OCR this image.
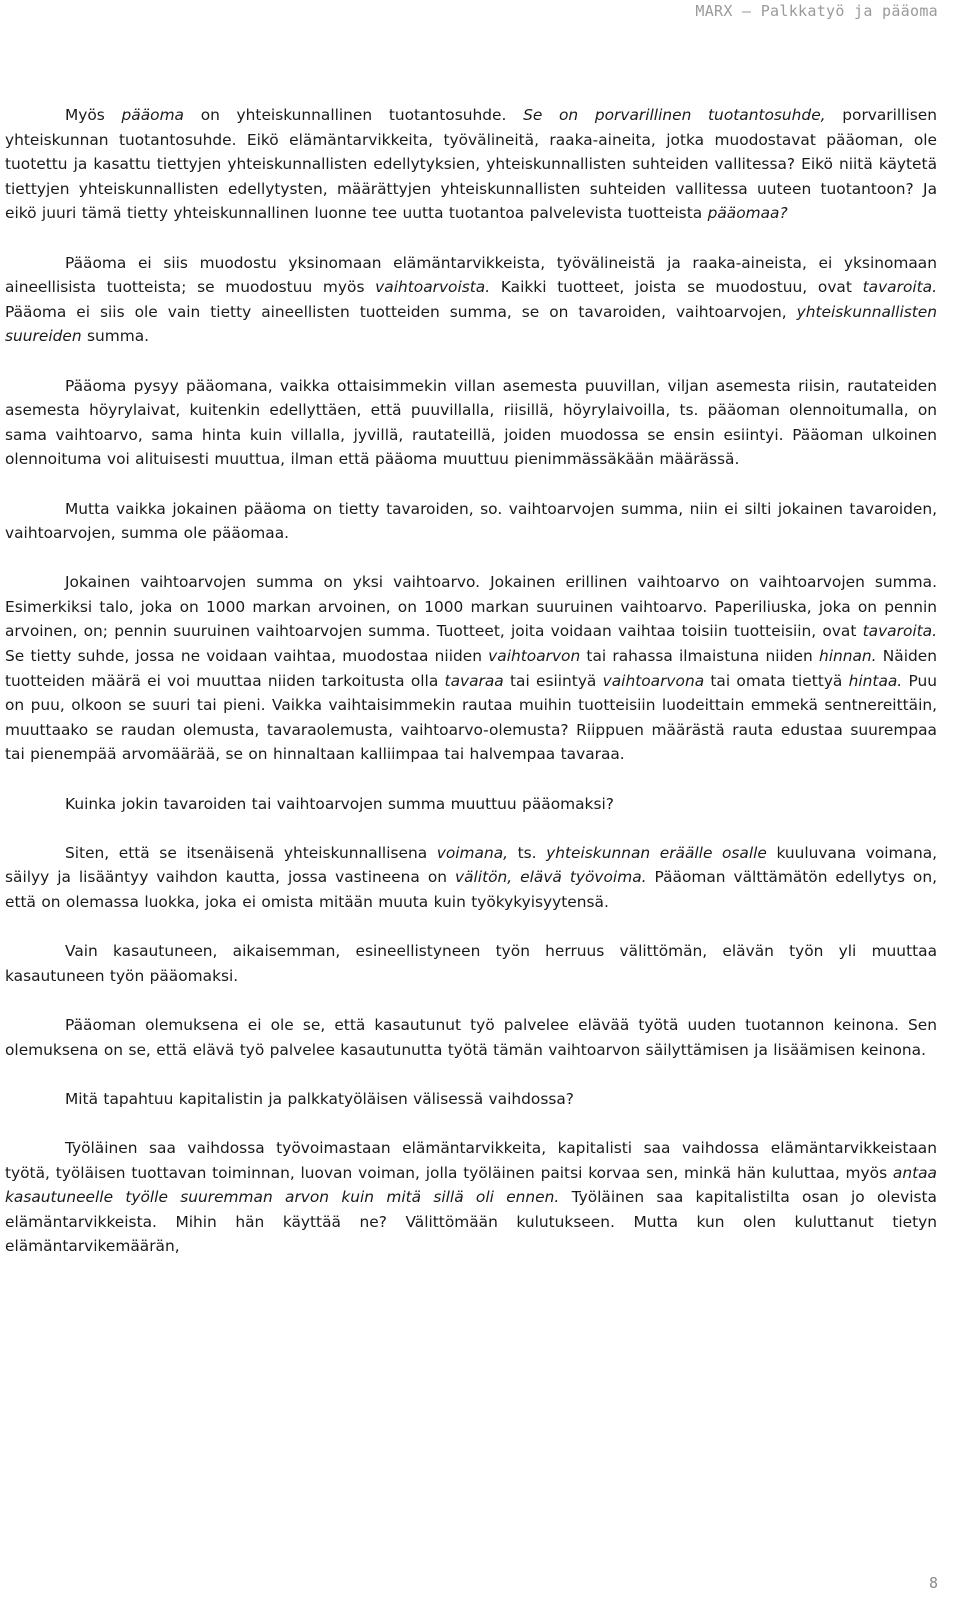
MARX – Palkkatyö ja pääoma

Myös pääoma on yhteiskunnallinen tuotantosuhde. Se on porvarillinen tuotantosuhde, porvarillisen yhteiskunnan tuotantosuhde. Eikö elämäntarvikkeita, työvälineitä, raaka-aineita, jotka muodostavat pääoman, ole tuotettu ja kasattu tiettyjen yhteiskunnallisten edellytyksien, yhteiskunnallisten suhteiden vallitessa? Eikö niitä käytetä tiettyjen yhteiskunnallisten edellytysten, määrättyjen yhteiskunnallisten suhteiden vallitessa uuteen tuotantoon? Ja eikö juuri tämä tietty yhteiskunnallinen luonne tee uutta tuotantoa palvelevista tuotteista pääomaa?

Pääoma ei siis muodostu yksinomaan elämäntarvikkeista, työvälineistä ja raaka-aineista, ei yksinomaan aineellisista tuotteista; se muodostuu myös vaihtoarvoista. Kaikki tuotteet, joista se muodostuu, ovat tavaroita. Pääoma ei siis ole vain tietty aineellisten tuotteiden summa, se on tavaroiden, vaihtoarvojen, yhteiskunnallisten suureiden summa.

Pääoma pysyy pääomana, vaikka ottaisimmekin villan asemesta puuvillan, viljan asemesta riisin, rautateiden asemesta höyrylaivat, kuitenkin edellyttäen, että puuvillalla, riisillä, höyrylaivoilla, ts. pääoman olennoitumalla, on sama vaihtoarvo, sama hinta kuin villalla, jyvillä, rautateillä, joiden muodossa se ensin esiintyi. Pääoman ulkoinen olennoituma voi alituisesti muuttua, ilman että pääoma muuttuu pienimmässäkään määrässä.

Mutta vaikka jokainen pääoma on tietty tavaroiden, so. vaihtoarvojen summa, niin ei silti jokainen tavaroiden, vaihtoarvojen, summa ole pääomaa.

Jokainen vaihtoarvojen summa on yksi vaihtoarvo. Jokainen erillinen vaihtoarvo on vaihtoarvojen summa. Esimerkiksi talo, joka on 1000 markan arvoinen, on 1000 markan suuruinen vaihtoarvo. Paperiliuska, joka on pennin arvoinen, on; pennin suuruinen vaihtoarvojen summa. Tuotteet, joita voidaan vaihtaa toisiin tuotteisiin, ovat tavaroita. Se tietty suhde, jossa ne voidaan vaihtaa, muodostaa niiden vaihtoarvon tai rahassa ilmaistuna niiden hinnan. Näiden tuotteiden määrä ei voi muuttaa niiden tarkoitusta olla tavaraa tai esiintyä vaihtoarvona tai omata tiettyä hintaa. Puu on puu, olkoon se suuri tai pieni. Vaikka vaihtaisimmekin rautaa muihin tuotteisiin luodeittain emmekä sentnereittäin, muuttaako se raudan olemusta, tavaraolemusta, vaihtoarvo-olemusta? Riippuen määrästä rauta edustaa suurempaa tai pienempää arvomäärää, se on hinnaltaan kalliimpaa tai halvempaa tavaraa.

Kuinka jokin tavaroiden tai vaihtoarvojen summa muuttuu pääomaksi?

Siten, että se itsenäisenä yhteiskunnallisena voimana, ts. yhteiskunnan eräälle osalle kuuluvana voimana, säilyy ja lisääntyy vaihdon kautta, jossa vastineena on välitön, elävä työvoima. Pääoman välttämätön edellytys on, että on olemassa luokka, joka ei omista mitään muuta kuin työkykyisyytensä.

Vain kasautuneen, aikaisemman, esineellistyneen työn herruus välittömän, elävän työn yli muuttaa kasautuneen työn pääomaksi.

Pääoman olemuksena ei ole se, että kasautunut työ palvelee elävää työtä uuden tuotannon keinona. Sen olemuksena on se, että elävä työ palvelee kasautunutta työtä tämän vaihtoarvon säilyttämisen ja lisäämisen keinona.

Mitä tapahtuu kapitalistin ja palkkatyöläisen välisessä vaihdossa?

Työläinen saa vaihdossa työvoimastaan elämäntarvikkeita, kapitalisti saa vaihdossa elämäntarvikkeistaan työtä, työläisen tuottavan toiminnan, luovan voiman, jolla työläinen paitsi korvaa sen, minkä hän kuluttaa, myös antaa kasautuneelle työlle suuremman arvon kuin mitä sillä oli ennen. Työläinen saa kapitalistilta osan jo olevista elämäntarvikkeista. Mihin hän käyttää ne? Välittömään kulutukseen. Mutta kun olen kuluttanut tietyn elämäntarvikemäärän,

8
